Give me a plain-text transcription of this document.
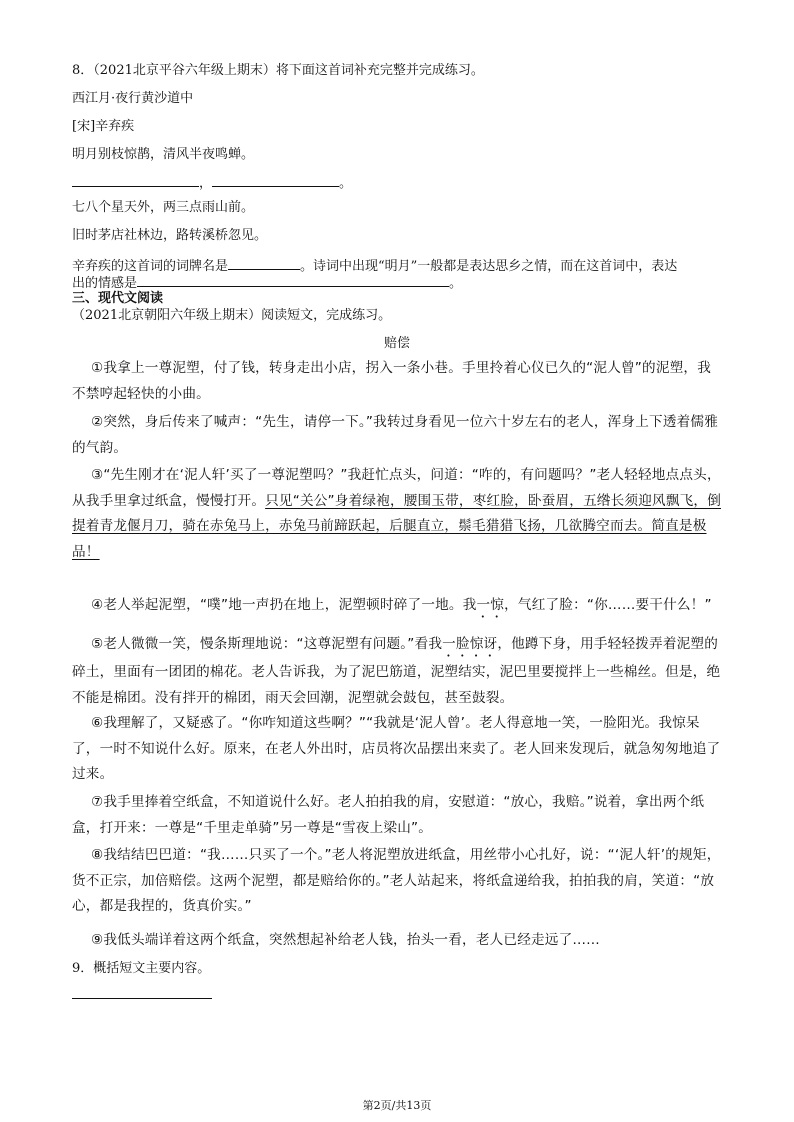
8．（2021北京平谷六年级上期末）将下面这首词补充完整并完成练习。
西江月·夜行黄沙道中
[宋]辛弃疾
明月别枝惊鹊，清风半夜鸣蝉。
，	。
七八个星天外，两三点雨山前。
旧时茅店社林边，路转溪桥忽见。
辛弃疾的这首词的词牌名是	。诗词中出现“明月”一般都是表达思乡之情，而在这首词中，表达
出的情感是	。
三、现代文阅读
（2021北京朝阳六年级上期末）阅读短文，完成练习。
赔偿
①我拿上一尊泥塑，付了钱，转身走出小店，拐入一条小巷。手里拎着心仪已久的“泥人曾”的泥塑，我不禁哼起轻快的小曲。
②突然，身后传来了喊声：“先生，请停一下。”我转过身看见一位六十岁左右的老人，浑身上下透着儒雅的气韵。
③“先生刚才在‘泥人轩’买了一尊泥塑吗？”我赶忙点头，问道：“咋的，有问题吗？”老人轻轻地点点头，从我手里拿过纸盒，慢慢打开。只见“关公”身着绿袍，腰围玉带，枣红脸，卧蚕眉，五绺长须迎风飘飞，倒提着青龙偃月刀，骑在赤兔马上，赤兔马前蹄跃起，后腿直立，鬃毛猎猎飞扬，几欲腾空而去。简直是极品！
④老人举起泥塑，“噗”地一声扔在地上，泥塑顿时碎了一地。我一惊，气红了脸：“你……要干什么！”
⑤老人微微一笑，慢条斯理地说：“这尊泥塑有问题。”看我一脸惊讶，他蹲下身，用手轻轻拨弄着泥塑的碎土，里面有一团团的棉花。老人告诉我，为了泥巴筋道，泥塑结实，泥巴里要搅拌上一些棉丝。但是，绝不能是棉团。没有拌开的棉团，雨天会回潮，泥塑就会鼓包，甚至鼓裂。
⑥我理解了，又疑惑了。“你咋知道这些啊？”“我就是‘泥人曾’。老人得意地一笑，一脸阳光。我惊呆了，一时不知说什么好。原来，在老人外出时，店员将次品摆出来卖了。老人回来发现后，就急匆匆地追了过来。
⑦我手里捧着空纸盒，不知道说什么好。老人拍拍我的肩，安慰道：“放心，我赔。”说着，拿出两个纸盒，打开来：一尊是“千里走单骑”另一尊是“雪夜上梁山”。
⑧我结结巴巴道：“我……只买了一个。”老人将泥塑放进纸盒，用丝带小心扎好，说：“‘泥人轩’的规矩，货不正宗，加倍赔偿。这两个泥塑，都是赔给你的。”老人站起来，将纸盒递给我，拍拍我的肩，笑道：“放心，都是我捏的，货真价实。”
⑨我低头端详着这两个纸盒，突然想起补给老人钱，抬头一看，老人已经走远了……
9．概括短文主要内容。
第2页/共13页
